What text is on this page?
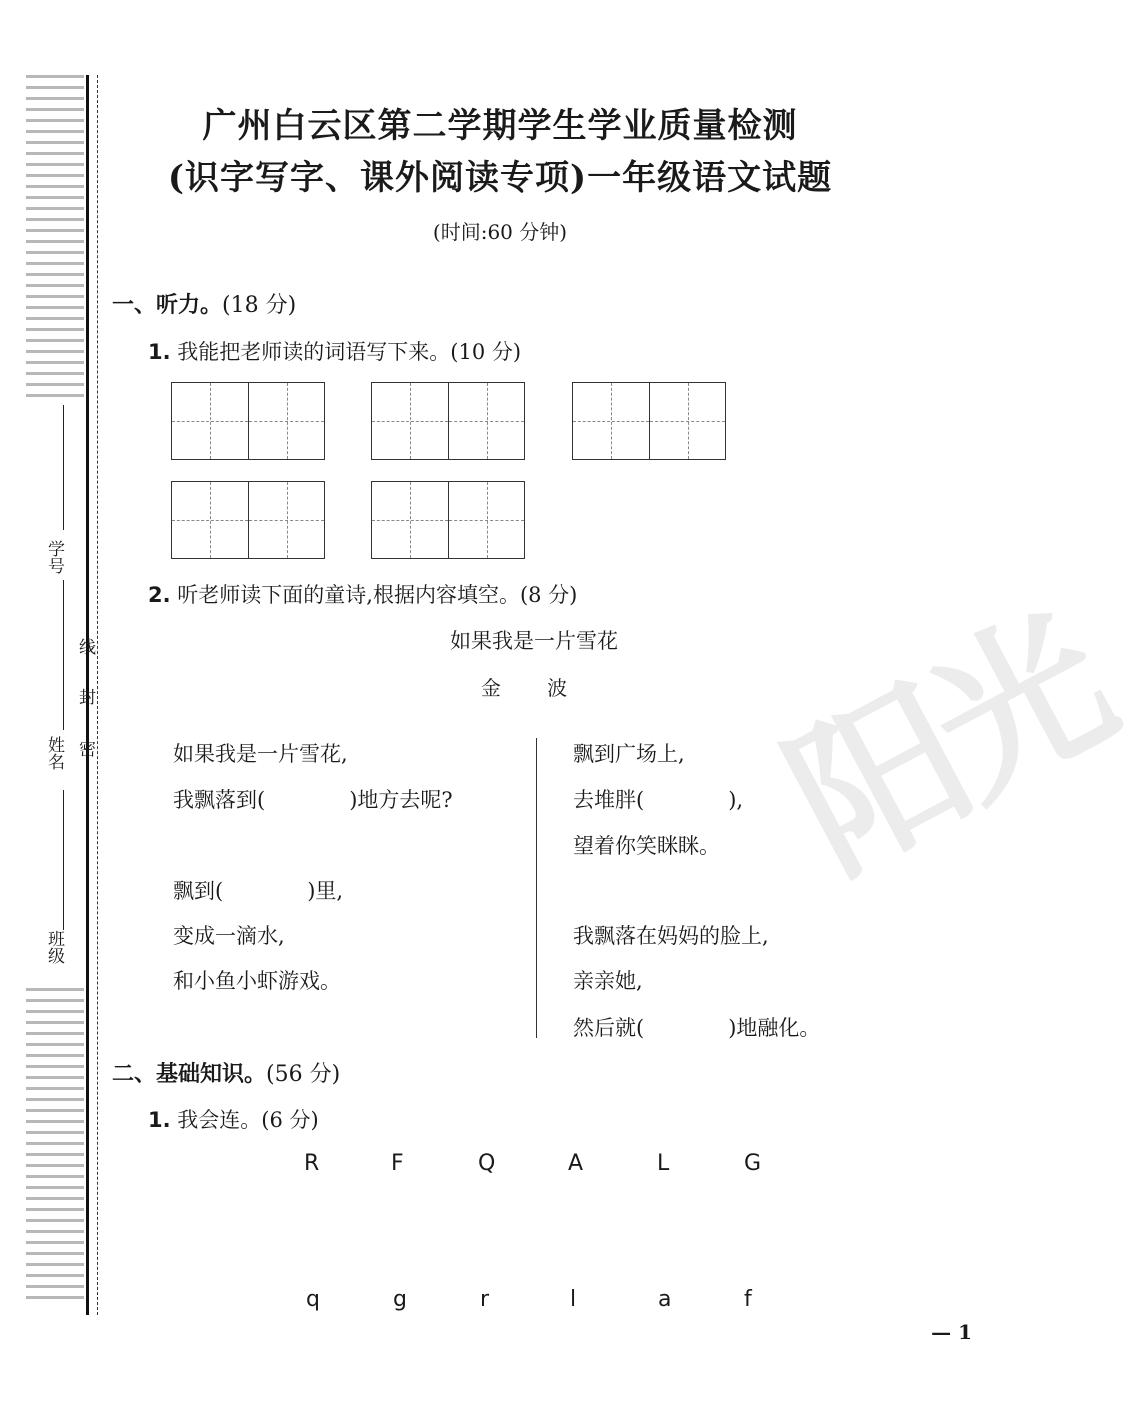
学号
姓名
班级
线
封
密	阳光
广州白云区第二学期学生学业质量检测
(识字写字、课外阅读专项)一年级语文试题
(时间:60 分钟)
一、听力。(18 分)
1. 我能把老师读的词语写下来。(10 分)
2. 听老师读下面的童诗,根据内容填空。(8 分)
如果我是一片雪花
金 波
如果我是一片雪花,
我飘落到(　　　　)地方去呢?
飘到(　　　　)里,
变成一滴水,
和小鱼小虾游戏。
飘到广场上,
去堆胖(　　　　),
望着你笑眯眯。
我飘落在妈妈的脸上,
亲亲她,
然后就(　　　　)地融化。
二、基础知识。(56 分)
1. 我会连。(6 分)
R	F	Q	A	L	G
q	g	r	l	a	f
— 1
